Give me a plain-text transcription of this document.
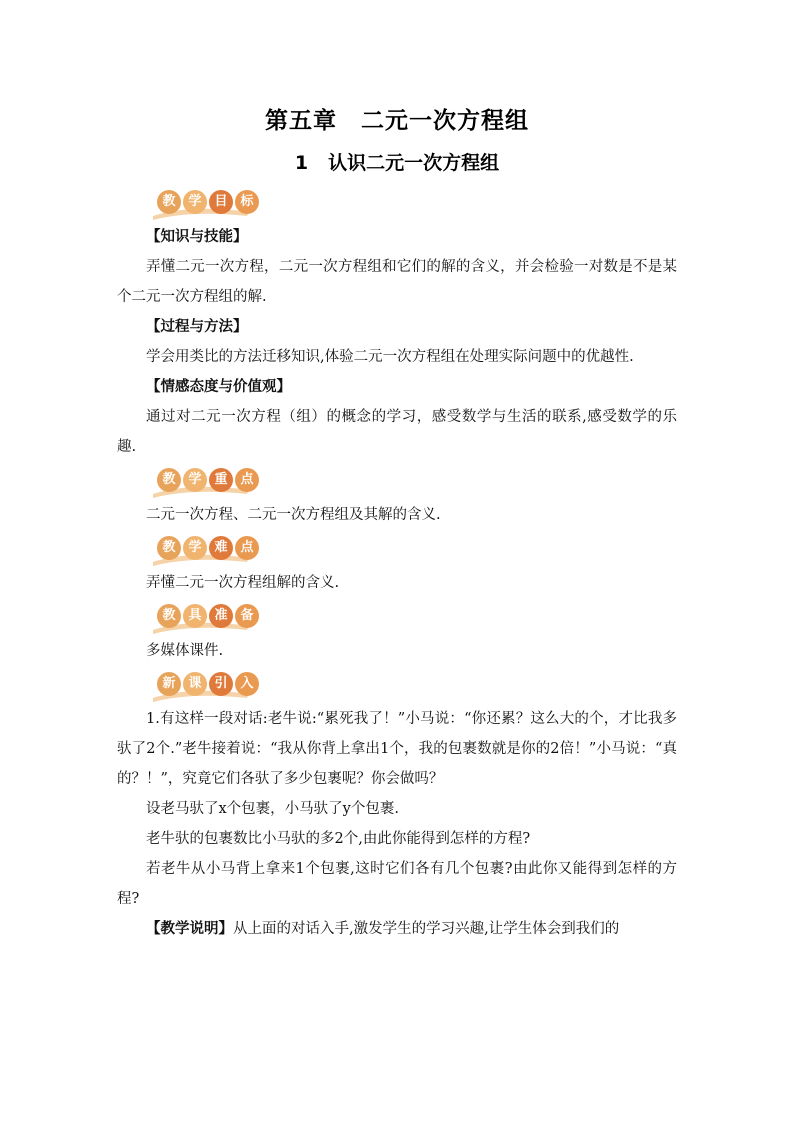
第五章　二元一次方程组
1 认识二元一次方程组
教 学 目 标

【知识与技能】

弄懂二元一次方程，二元一次方程组和它们的解的含义，并会检验一对数是不是某个二元一次方程组的解.

【过程与方法】

学会用类比的方法迁移知识,体验二元一次方程组在处理实际问题中的优越性.

【情感态度与价值观】

通过对二元一次方程（组）的概念的学习，感受数学与生活的联系,感受数学的乐趣.

教 学 重 点

二元一次方程、二元一次方程组及其解的含义.

教 学 难 点

弄懂二元一次方程组解的含义.

教 具 准 备

多媒体课件.

新 课 引 入

1.有这样一段对话:老牛说:“累死我了！”小马说：“你还累？这么大的个，才比我多驮了2个.”老牛接着说：“我从你背上拿出1个，我的包裹数就是你的2倍！”小马说：“真的？！”，究竟它们各驮了多少包裹呢？你会做吗？

设老马驮了x个包裹，小马驮了y个包裹.

老牛驮的包裹数比小马驮的多2个,由此你能得到怎样的方程?

若老牛从小马背上拿来1个包裹,这时它们各有几个包裹?由此你又能得到怎样的方程?

【教学说明】从上面的对话入手,激发学生的学习兴趣,让学生体会到我们的
